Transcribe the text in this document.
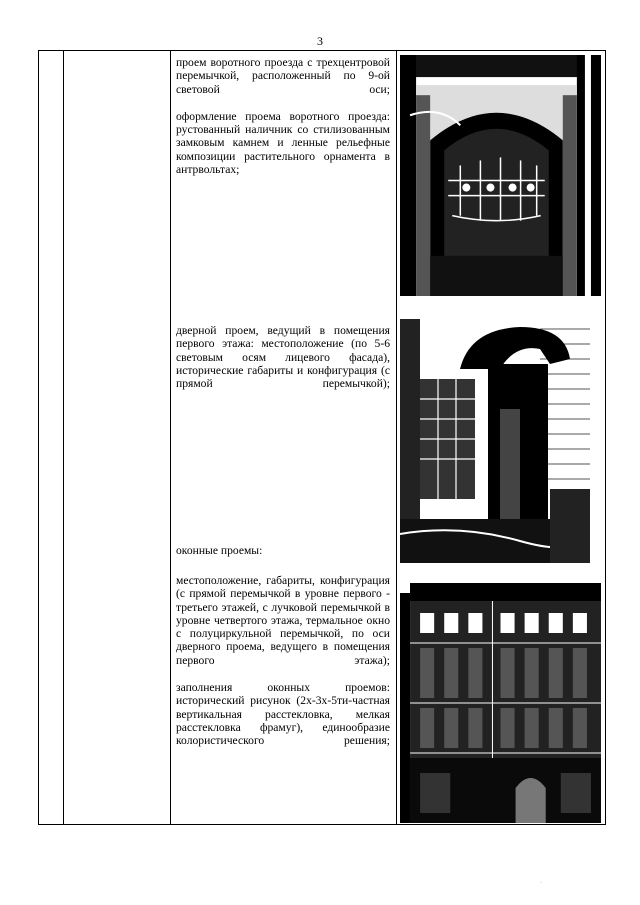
3

проем воротного проезда с трехцентровой перемычкой, расположенный по 9-ой световой оси;

оформление проема воротного проезда: рустованный наличник со стилизованным замковым камнем и ленные рельефные композиции растительного орнамента в антрвольтах;

дверной проем, ведущий в помещения первого этажа: местоположение (по 5-6 световым осям лицевого фасада), исторические габариты и конфигурация (с прямой перемычкой);

оконные проемы:

местоположение, габариты, конфигурация (с прямой перемычкой в уровне первого - третьего этажей, с лучковой перемычкой в уровне четвертого этажа, термальное окно с полуциркульной перемычкой, по оси дверного проема, ведущего в помещения первого этажа);

заполнения оконных проемов: исторический рисунок (2х-3х-5ти-частная вертикальная расстекловка, мелкая расстекловка фрамуг), единообразие колористического решения;

·
